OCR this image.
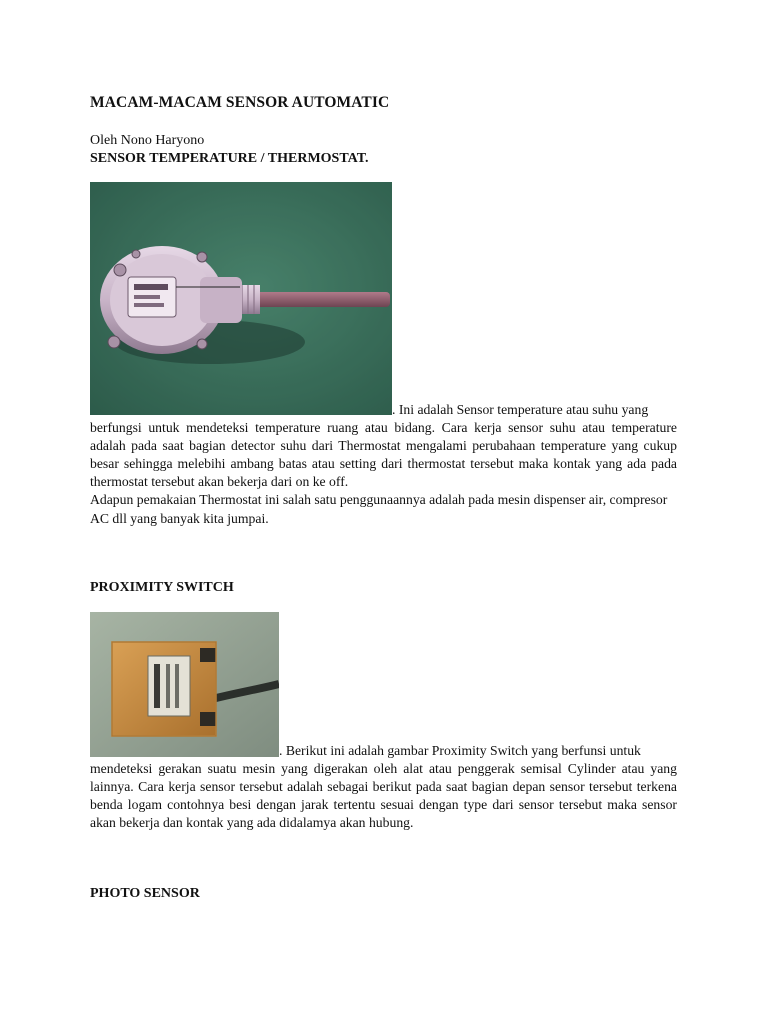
MACAM-MACAM SENSOR AUTOMATIC
Oleh Nono Haryono
SENSOR TEMPERATURE / THERMOSTAT.

. Ini adalah Sensor temperature atau suhu yang

berfungsi untuk mendeteksi temperature ruang atau bidang. Cara kerja sensor suhu atau temperature adalah pada saat bagian detector suhu dari Thermostat mengalami perubahaan temperature yang cukup besar sehingga melebihi ambang batas atau setting dari thermostat tersebut maka kontak yang ada pada thermostat tersebut akan bekerja dari on ke off.

Adapun pemakaian Thermostat ini salah satu penggunaannya adalah pada mesin dispenser air, compresor AC dll yang banyak kita jumpai.

PROXIMITY SWITCH

. Berikut ini adalah gambar Proximity Switch yang berfunsi untuk

mendeteksi gerakan suatu mesin yang digerakan oleh alat atau penggerak semisal Cylinder atau yang lainnya. Cara kerja sensor tersebut adalah sebagai berikut pada saat bagian depan sensor tersebut terkena benda logam contohnya besi dengan jarak tertentu sesuai dengan type dari sensor tersebut maka sensor akan bekerja dan kontak yang ada didalamya akan hubung.

PHOTO SENSOR
